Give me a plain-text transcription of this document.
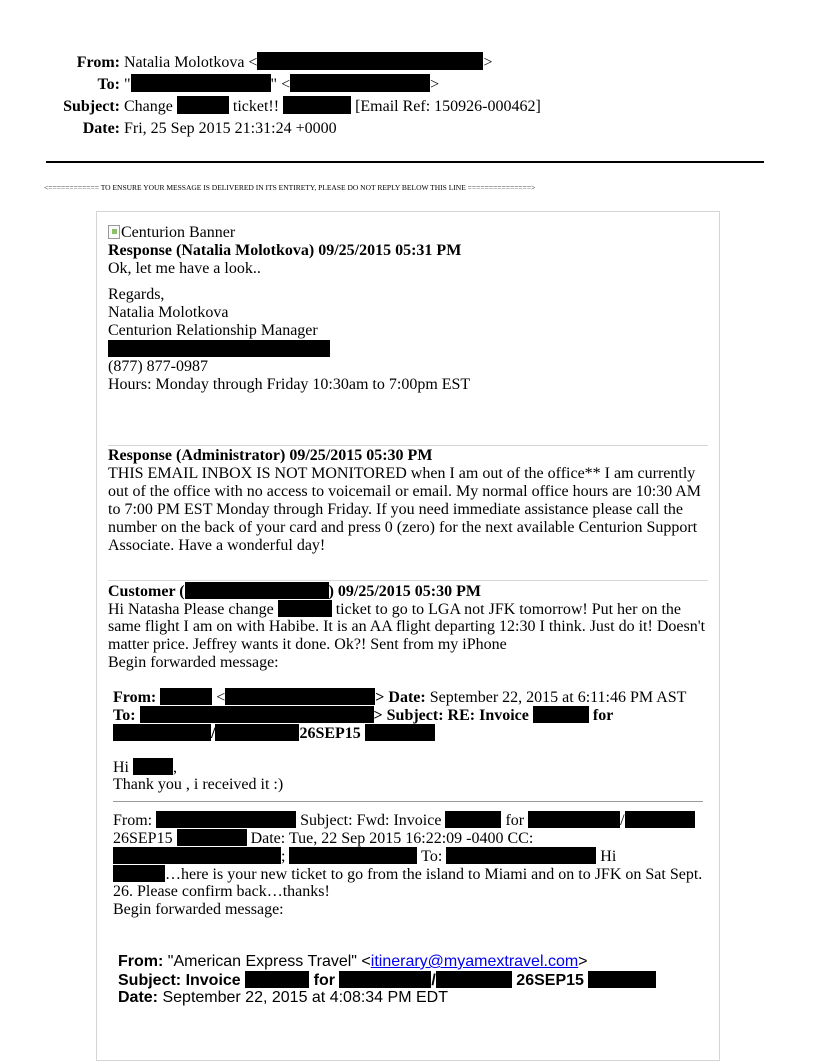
From: Natalia Molotkova <	>
To: "	" <	>
Subject: Change	ticket!!	[Email Ref: 150926-000462]
Date: Fri, 25 Sep 2015 21:31:24 +0000
<============ TO ENSURE YOUR MESSAGE IS DELIVERED IN ITS ENTIRETY, PLEASE DO NOT REPLY BELOW THIS LINE ===============>
Centurion Banner
Response (Natalia Molotkova) 09/25/2015 05:31 PM
Ok, let me have a look..
Regards,
Natalia Molotkova
Centurion Relationship Manager
(877) 877-0987
Hours: Monday through Friday 10:30am to 7:00pm EST
Response (Administrator) 09/25/2015 05:30 PM
THIS EMAIL INBOX IS NOT MONITORED when I am out of the office** I am currently
out of the office with no access to voicemail or email. My normal office hours are 10:30 AM
to 7:00 PM EST Monday through Friday. If you need immediate assistance please call the
number on the back of your card and press 0 (zero) for the next available Centurion Support
Associate. Have a wonderful day!
Customer (	) 09/25/2015 05:30 PM
Hi Natasha Please change	ticket to go to LGA not JFK tomorrow! Put her on the
same flight I am on with Habibe. It is an AA flight departing 12:30 I think. Just do it! Doesn't
matter price. Jeffrey wants it done. Ok?! Sent from my iPhone
Begin forwarded message:
From:	<	> Date: September 22, 2015 at 6:11:46 PM AST
To:	> Subject: RE: Invoice	for
/	26SEP15
Hi	,
Thank you , i received it :)
From:	Subject: Fwd: Invoice	for	/
26SEP15	Date: Tue, 22 Sep 2015 16:22:09 -0400 CC:
;	To:	Hi
…here is your new ticket to go from the island to Miami and on to JFK on Sat Sept.
26. Please confirm back…thanks!
Begin forwarded message:
From: "American Express Travel" <itinerary@myamextravel.com>
Subject: Invoice	for	/	26SEP15
Date: September 22, 2015 at 4:08:34 PM EDT
